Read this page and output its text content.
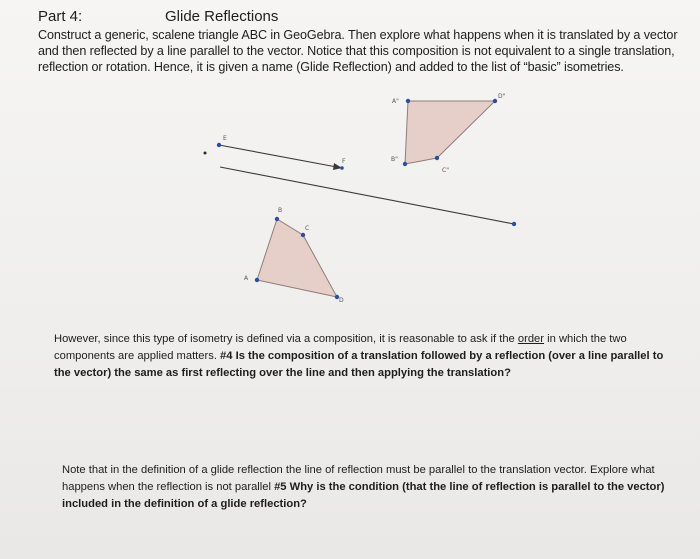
Part 4:	Glide Reflections
Construct a generic, scalene triangle ABC in GeoGebra. Then explore what happens when it is translated by a vector and then reflected by a line parallel to the vector. Notice that this composition is not equivalent to a single translation, reflection or rotation. Hence, it is given a name (Glide Reflection) and added to the list of “basic” isometries.
E
F
A
B
C
D
A"
D"
C"
B"
However, since this type of isometry is defined via a composition, it is reasonable to ask if the order in which the two components are applied matters. #4 Is the composition of a translation followed by a reflection (over a line parallel to the vector) the same as first reflecting over the line and then applying the translation?
Note that in the definition of a glide reflection the line of reflection must be parallel to the translation vector. Explore what happens when the reflection is not parallel #5 Why is the condition (that the line of reflection is parallel to the vector) included in the definition of a glide reflection?
